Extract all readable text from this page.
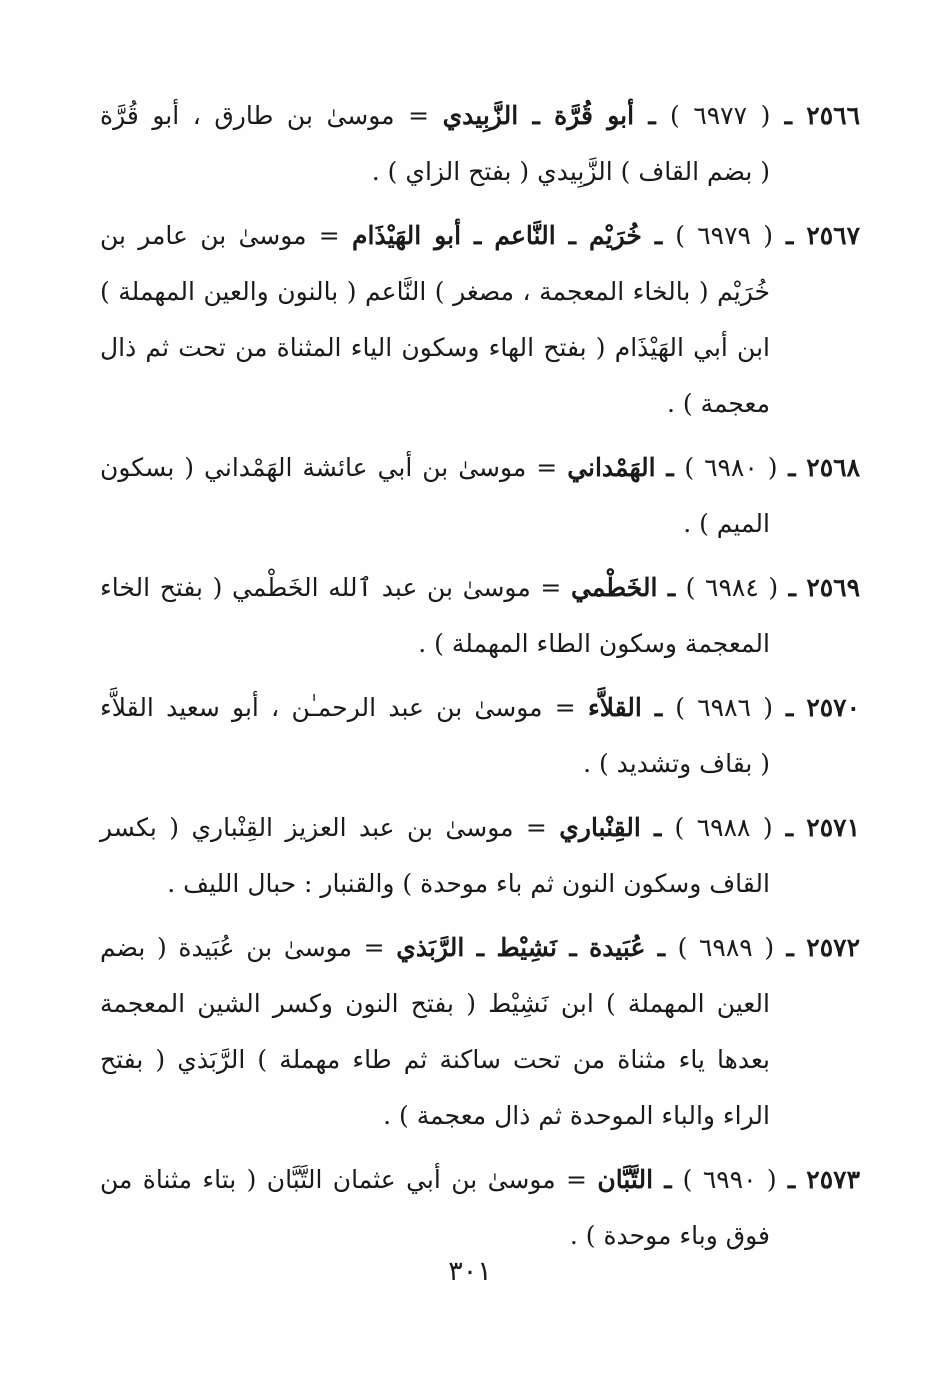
٢٥٦٦ ـ ( ٦٩٧٧ ) ـ أبو قُرَّة ـ الزَّبِيدي = موسىٰ بن طارق ، أبو قُرَّة
( بضم القاف ) الزَّبِيدي ( بفتح الزاي ) .
٢٥٦٧ ـ ( ٦٩٧٩ ) ـ خُرَيْم ـ النَّاعم ـ أبو الهَيْذَام = موسىٰ بن عامر بن
خُرَيْم ( بالخاء المعجمة ، مصغر ) النَّاعم ( بالنون والعين المهملة ) ابن أبي الهَيْذَام ( بفتح الهاء وسكون الياء المثناة من تحت ثم ذال معجمة ) .
٢٥٦٨ ـ ( ٦٩٨٠ ) ـ الهَمْداني = موسىٰ بن أبي عائشة الهَمْداني ( بسكون
الميم ) .
٢٥٦٩ ـ ( ٦٩٨٤ ) ـ الخَطْمي = موسىٰ بن عبد ٱلله الخَطْمي ( بفتح الخاء
المعجمة وسكون الطاء المهملة ) .
٢٥٧٠ ـ ( ٦٩٨٦ ) ـ القلاَّء = موسىٰ بن عبد الرحمـٰن ، أبو سعيد القلاَّء
( بقاف وتشديد ) .
٢٥٧١ ـ ( ٦٩٨٨ ) ـ القِنْباري = موسىٰ بن عبد العزيز القِنْباري ( بكسر
القاف وسكون النون ثم باء موحدة ) والقنبار : حبال الليف .
٢٥٧٢ ـ ( ٦٩٨٩ ) ـ عُبَيدة ـ نَشِيْط ـ الرَّبَذي = موسىٰ بن عُبَيدة ( بضم
العين المهملة ) ابن نَشِيْط ( بفتح النون وكسر الشين المعجمة بعدها ياء مثناة من تحت ساكنة ثم طاء مهملة ) الرَّبَذي ( بفتح الراء والباء الموحدة ثم ذال معجمة ) .
٢٥٧٣ ـ ( ٦٩٩٠ ) ـ التَّبَّان = موسىٰ بن أبي عثمان التَّبَّان ( بتاء مثناة من
فوق وباء موحدة ) .
٣٠١
